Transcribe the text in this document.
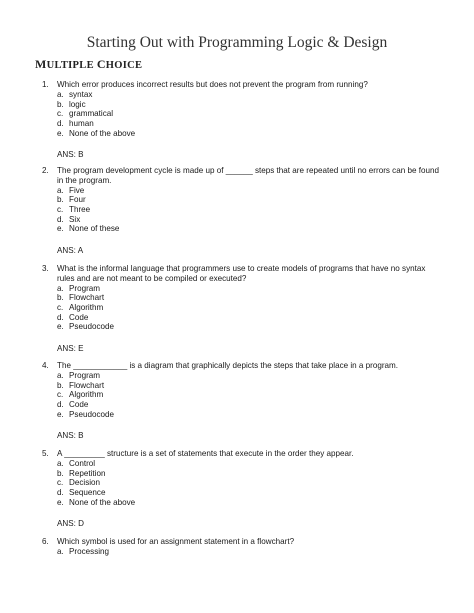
Starting Out with Programming Logic & Design
MULTIPLE CHOICE
1.	Which error produces incorrect results but does not prevent the program from running?
a. syntax
b. logic
c. grammatical
d. human
e. None of the above
ANS: B
2.	The program development cycle is made up of ______ steps that are repeated until no errors can be found in the program.
a. Five
b. Four
c. Three
d. Six
e. None of these
ANS: A
3.	What is the informal language that programmers use to create models of programs that have no syntax rules and are not meant to be compiled or executed?
a. Program
b. Flowchart
c. Algorithm
d. Code
e. Pseudocode
ANS: E
4.	The ____________ is a diagram that graphically depicts the steps that take place in a program.
a. Program
b. Flowchart
c. Algorithm
d. Code
e. Pseudocode
ANS: B
5.	A _________ structure is a set of statements that execute in the order they appear.
a. Control
b. Repetition
c. Decision
d. Sequence
e. None of the above
ANS: D
6.	Which symbol is used for an assignment statement in a flowchart?
a. Processing
